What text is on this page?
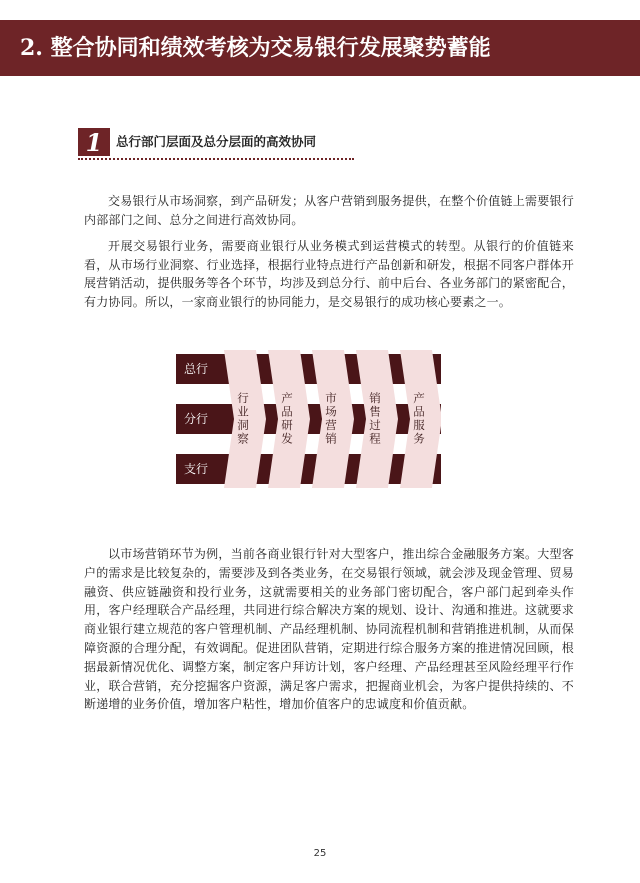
2. 整合协同和绩效考核为交易银行发展聚势蓄能
1	总行部门层面及总分层面的高效协同

交易银行从市场洞察，到产品研发；从客户营销到服务提供，在整个价值链上需要银行内部部门之间、总分之间进行高效协同。

开展交易银行业务，需要商业银行从业务模式到运营模式的转型。从银行的价值链来看，从市场行业洞察、行业选择，根据行业特点进行产品创新和研发，根据不同客户群体开展营销活动，提供服务等各个环节，均涉及到总分行、前中后台、各业务部门的紧密配合，有力协同。所以，一家商业银行的协同能力，是交易银行的成功核心要素之一。

总行
分行
支行
行业洞察	产品研发	市场营销	销售过程	产品服务

以市场营销环节为例，当前各商业银行针对大型客户，推出综合金融服务方案。大型客户的需求是比较复杂的，需要涉及到各类业务，在交易银行领域，就会涉及现金管理、贸易融资、供应链融资和投行业务，这就需要相关的业务部门密切配合，客户部门起到牵头作用，客户经理联合产品经理，共同进行综合解决方案的规划、设计、沟通和推进。这就要求商业银行建立规范的客户管理机制、产品经理机制、协同流程机制和营销推进机制，从而保障资源的合理分配，有效调配。促进团队营销，定期进行综合服务方案的推进情况回顾，根据最新情况优化、调整方案，制定客户拜访计划，客户经理、产品经理甚至风险经理平行作业，联合营销，充分挖掘客户资源，满足客户需求，把握商业机会，为客户提供持续的、不断递增的业务价值，增加客户粘性，增加价值客户的忠诚度和价值贡献。

25
